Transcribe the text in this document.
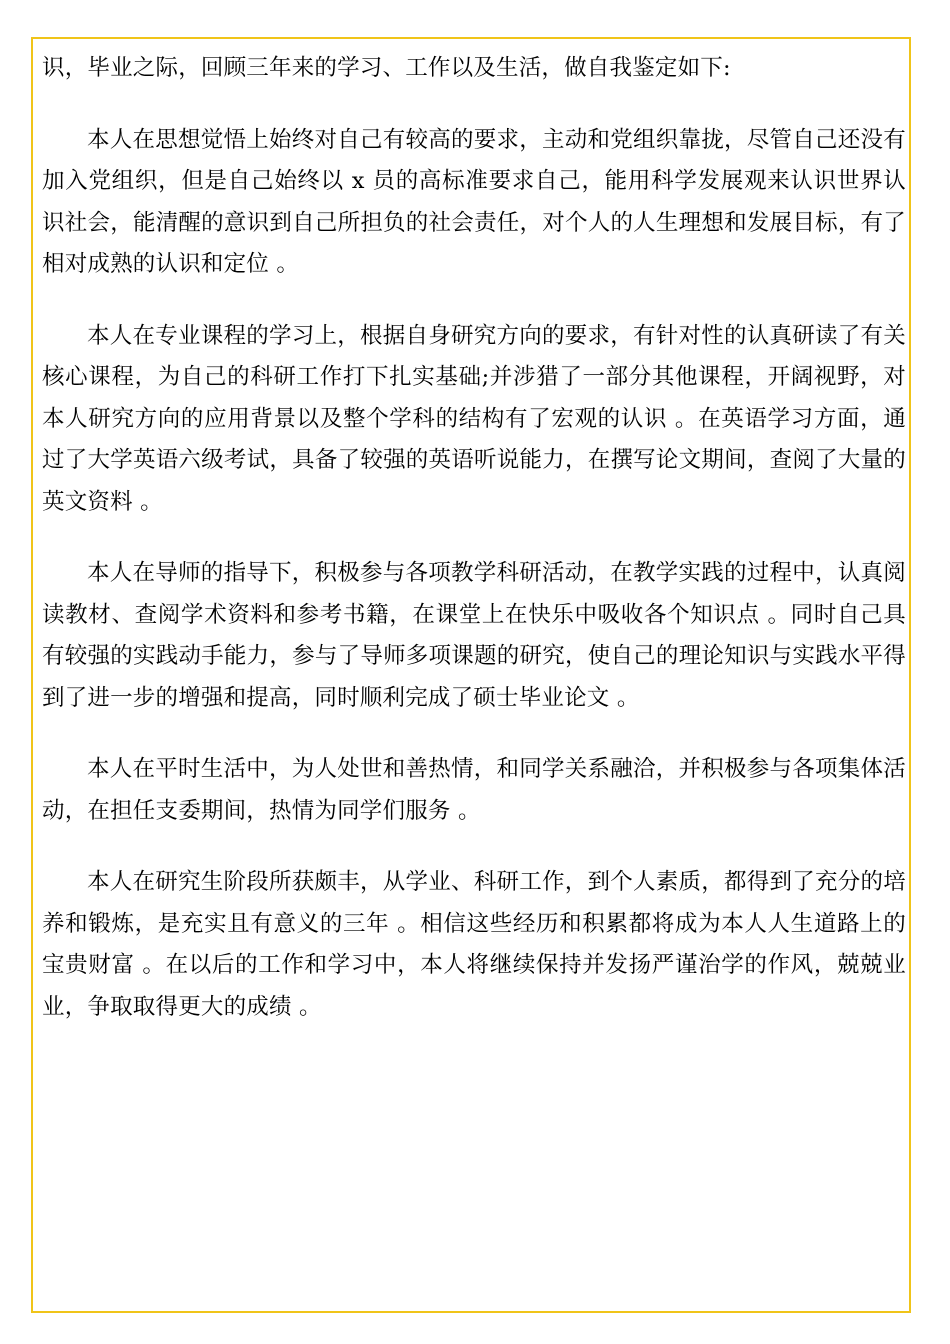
识，毕业之际，回顾三年来的学习、工作以及生活，做自我鉴定如下:

本人在思想觉悟上始终对自己有较高的要求，主动和党组织靠拢，尽管自己还没有加入党组织，但是自己始终以 x 员的高标准要求自己，能用科学发展观来认识世界认识社会，能清醒的意识到自己所担负的社会责任，对个人的人生理想和发展目标，有了相对成熟的认识和定位 。

本人在专业课程的学习上，根据自身研究方向的要求，有针对性的认真研读了有关核心课程，为自己的科研工作打下扎实基础;并涉猎了一部分其他课程，开阔视野，对本人研究方向的应用背景以及整个学科的结构有了宏观的认识 。在英语学习方面，通过了大学英语六级考试，具备了较强的英语听说能力，在撰写论文期间，查阅了大量的英文资料 。

本人在导师的指导下，积极参与各项教学科研活动，在教学实践的过程中，认真阅读教材、查阅学术资料和参考书籍，在课堂上在快乐中吸收各个知识点 。同时自己具有较强的实践动手能力，参与了导师多项课题的研究，使自己的理论知识与实践水平得到了进一步的增强和提高，同时顺利完成了硕士毕业论文 。

本人在平时生活中，为人处世和善热情，和同学关系融洽，并积极参与各项集体活动，在担任支委期间，热情为同学们服务 。

本人在研究生阶段所获颇丰，从学业、科研工作，到个人素质，都得到了充分的培养和锻炼，是充实且有意义的三年 。相信这些经历和积累都将成为本人人生道路上的宝贵财富 。在以后的工作和学习中，本人将继续保持并发扬严谨治学的作风，兢兢业业，争取取得更大的成绩 。
